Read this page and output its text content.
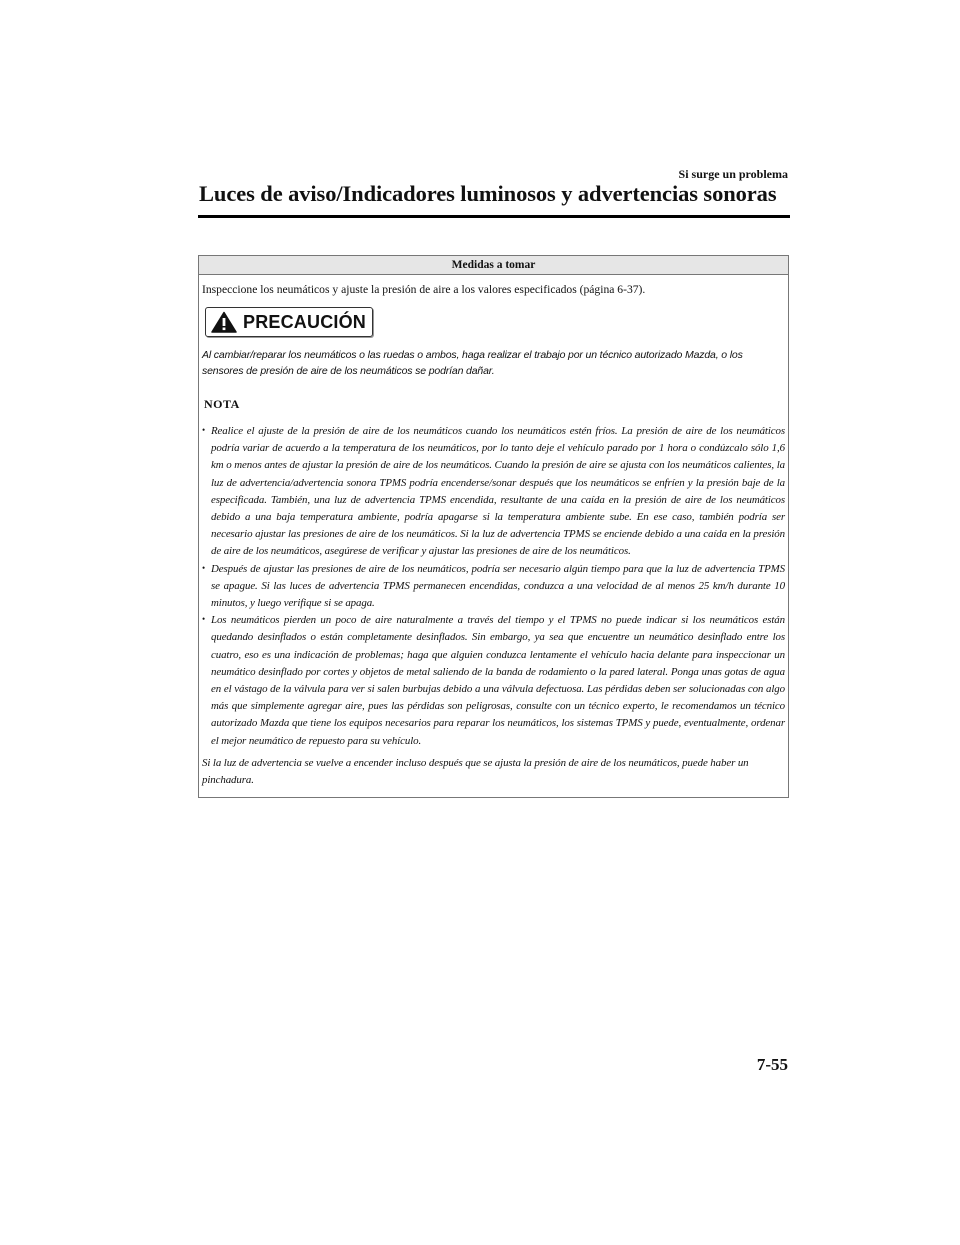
Si surge un problema
Luces de aviso/Indicadores luminosos y advertencias sonoras
Medidas a tomar

Inspeccione los neumáticos y ajuste la presión de aire a los valores especificados (página 6-37).

PRECAUCIÓN

Al cambiar/reparar los neumáticos o las ruedas o ambos, haga realizar el trabajo por un técnico autorizado Mazda, o los sensores de presión de aire de los neumáticos se podrían dañar.

NOTA
• Realice el ajuste de la presión de aire de los neumáticos cuando los neumáticos estén fríos. La presión de aire de los neumáticos podría variar de acuerdo a la temperatura de los neumáticos, por lo tanto deje el vehículo parado por 1 hora o condúzcalo sólo 1,6 km o menos antes de ajustar la presión de aire de los neumáticos. Cuando la presión de aire se ajusta con los neumáticos calientes, la luz de advertencia/advertencia sonora TPMS podría encenderse/sonar después que los neumáticos se enfríen y la presión baje de la especificada. También, una luz de advertencia TPMS encendida, resultante de una caída en la presión de aire de los neumáticos debido a una baja temperatura ambiente, podría apagarse si la temperatura ambiente sube. En ese caso, también podría ser necesario ajustar las presiones de aire de los neumáticos. Si la luz de advertencia TPMS se enciende debido a una caída en la presión de aire de los neumáticos, asegúrese de verificar y ajustar las presiones de aire de los neumáticos.
• Después de ajustar las presiones de aire de los neumáticos, podría ser necesario algún tiempo para que la luz de advertencia TPMS se apague. Si las luces de advertencia TPMS permanecen encendidas, conduzca a una velocidad de al menos 25 km/h durante 10 minutos, y luego verifique si se apaga.
• Los neumáticos pierden un poco de aire naturalmente a través del tiempo y el TPMS no puede indicar si los neumáticos están quedando desinflados o están completamente desinflados. Sin embargo, ya sea que encuentre un neumático desinflado entre los cuatro, eso es una indicación de problemas; haga que alguien conduzca lentamente el vehículo hacia delante para inspeccionar un neumático desinflado por cortes y objetos de metal saliendo de la banda de rodamiento o la pared lateral. Ponga unas gotas de agua en el vástago de la válvula para ver si salen burbujas debido a una válvula defectuosa. Las pérdidas deben ser solucionadas con algo más que simplemente agregar aire, pues las pérdidas son peligrosas, consulte con un técnico experto, le recomendamos un técnico autorizado Mazda que tiene los equipos necesarios para reparar los neumáticos, los sistemas TPMS y puede, eventualmente, ordenar el mejor neumático de repuesto para su vehículo.

Si la luz de advertencia se vuelve a encender incluso después que se ajusta la presión de aire de los neumáticos, puede haber un pinchadura.

7-55
